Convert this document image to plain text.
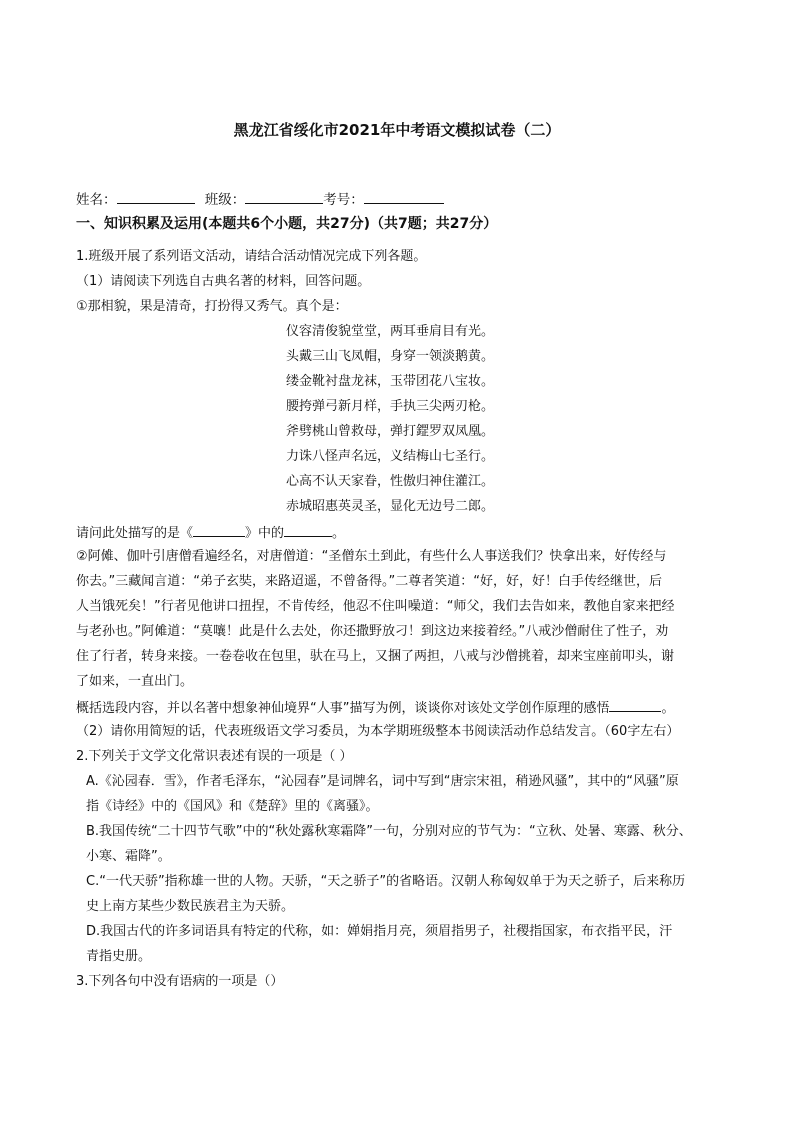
黑龙江省绥化市2021年中考语文模拟试卷（二）
姓名：	班级：	考号：
一、知识积累及运用(本题共6个小题，共27分)（共7题；共27分）
1.班级开展了系列语文活动，请结合活动情况完成下列各题。
（1）请阅读下列选自古典名著的材料，回答问题。
①那相貌，果是清奇，打扮得又秀气。真个是：
仪容清俊貌堂堂，两耳垂肩目有光。
头戴三山飞凤帽，身穿一领淡鹅黄。
缕金靴衬盘龙袜，玉带团花八宝妆。
腰挎弹弓新月样，手执三尖两刃枪。
斧劈桃山曾救母，弹打鎠罗双凤凰。
力诛八怪声名远，义结梅山七圣行。
心高不认天家眷，性傲归神住灌江。
赤城昭惠英灵圣，显化无边号二郎。
请问此处描写的是《	》中的	。
②阿傩、伽叶引唐僧看遍经名，对唐僧道：“圣僧东土到此，有些什么人事送我们？快拿出来，好传经与
你去。”三藏闻言道：“弟子玄奘，来路迢遥，不曾备得。”二尊者笑道：“好，好，好！白手传经继世，后
人当饿死矣！”行者见他讲口扭捏，不肯传经，他忍不住叫噪道：“师父，我们去告如来，教他自家来把经
与老孙也。”阿傩道：“莫嚷！此是什么去处，你还撒野放刁！到这边来接着经。”八戒沙僧耐住了性子，劝
住了行者，转身来接。一卷卷收在包里，驮在马上，又捆了两担，八戒与沙僧挑着，却来宝座前叩头，谢
了如来，一直出门。
概括选段内容，并以名著中想象神仙境界“人事”描写为例，谈谈你对该处文学创作原理的感悟	。
（2）请你用简短的话，代表班级语文学习委员，为本学期班级整本书阅读活动作总结发言。（60字左右）
2.下列关于文学文化常识表述有误的一项是（ ）
A.《沁园春．雪》，作者毛泽东，“沁园春”是词牌名，词中写到“唐宗宋祖，稍逊风骚”，其中的“风骚”原
指《诗经》中的《国风》和《楚辞》里的《离骚》。
B.我国传统“二十四节气歌”中的“秋处露秋寒霜降”一句，分别对应的节气为：“立秋、处暑、寒露、秋分、
小寒、霜降”。
C.“一代天骄”指称雄一世的人物。天骄，“天之骄子”的省略语。汉朝人称匈奴单于为天之骄子，后来称历
史上南方某些少数民族君主为天骄。
D.我国古代的许多词语具有特定的代称，如：婵娟指月亮，须眉指男子，社稷指国家，布衣指平民，汗
青指史册。
3.下列各句中没有语病的一项是（）
